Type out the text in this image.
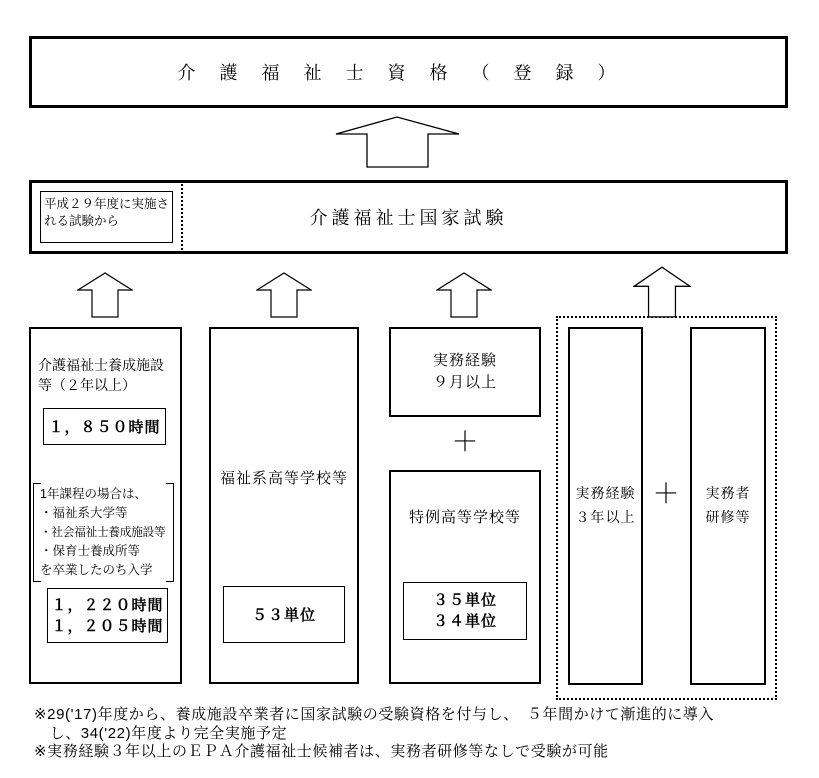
介護福祉士資格（登録）
平成２９年度に実施される試験から	介護福祉士国家試験
介護福祉士養成施設等（２年以上）
１，８５０時間
1年課程の場合は、
・福祉系大学等
・社会福祉士養成施設等
・保育士養成所等
を卒業したのち入学
１，２２０時間
１，２０５時間
福祉系高等学校等
５３単位
実務経験
９月以上
＋
特例高等学校等
３５単位
３４単位
実務経験
３年以上
＋	実務者
研修等
※29('17)年度から、養成施設卒業者に国家試験の受験資格を付与し、　５年間かけて漸進的に導入
　し、34('22)年度より完全実施予定
※実務経験３年以上のＥＰＡ介護福祉士候補者は、実務者研修等なしで受験が可能
